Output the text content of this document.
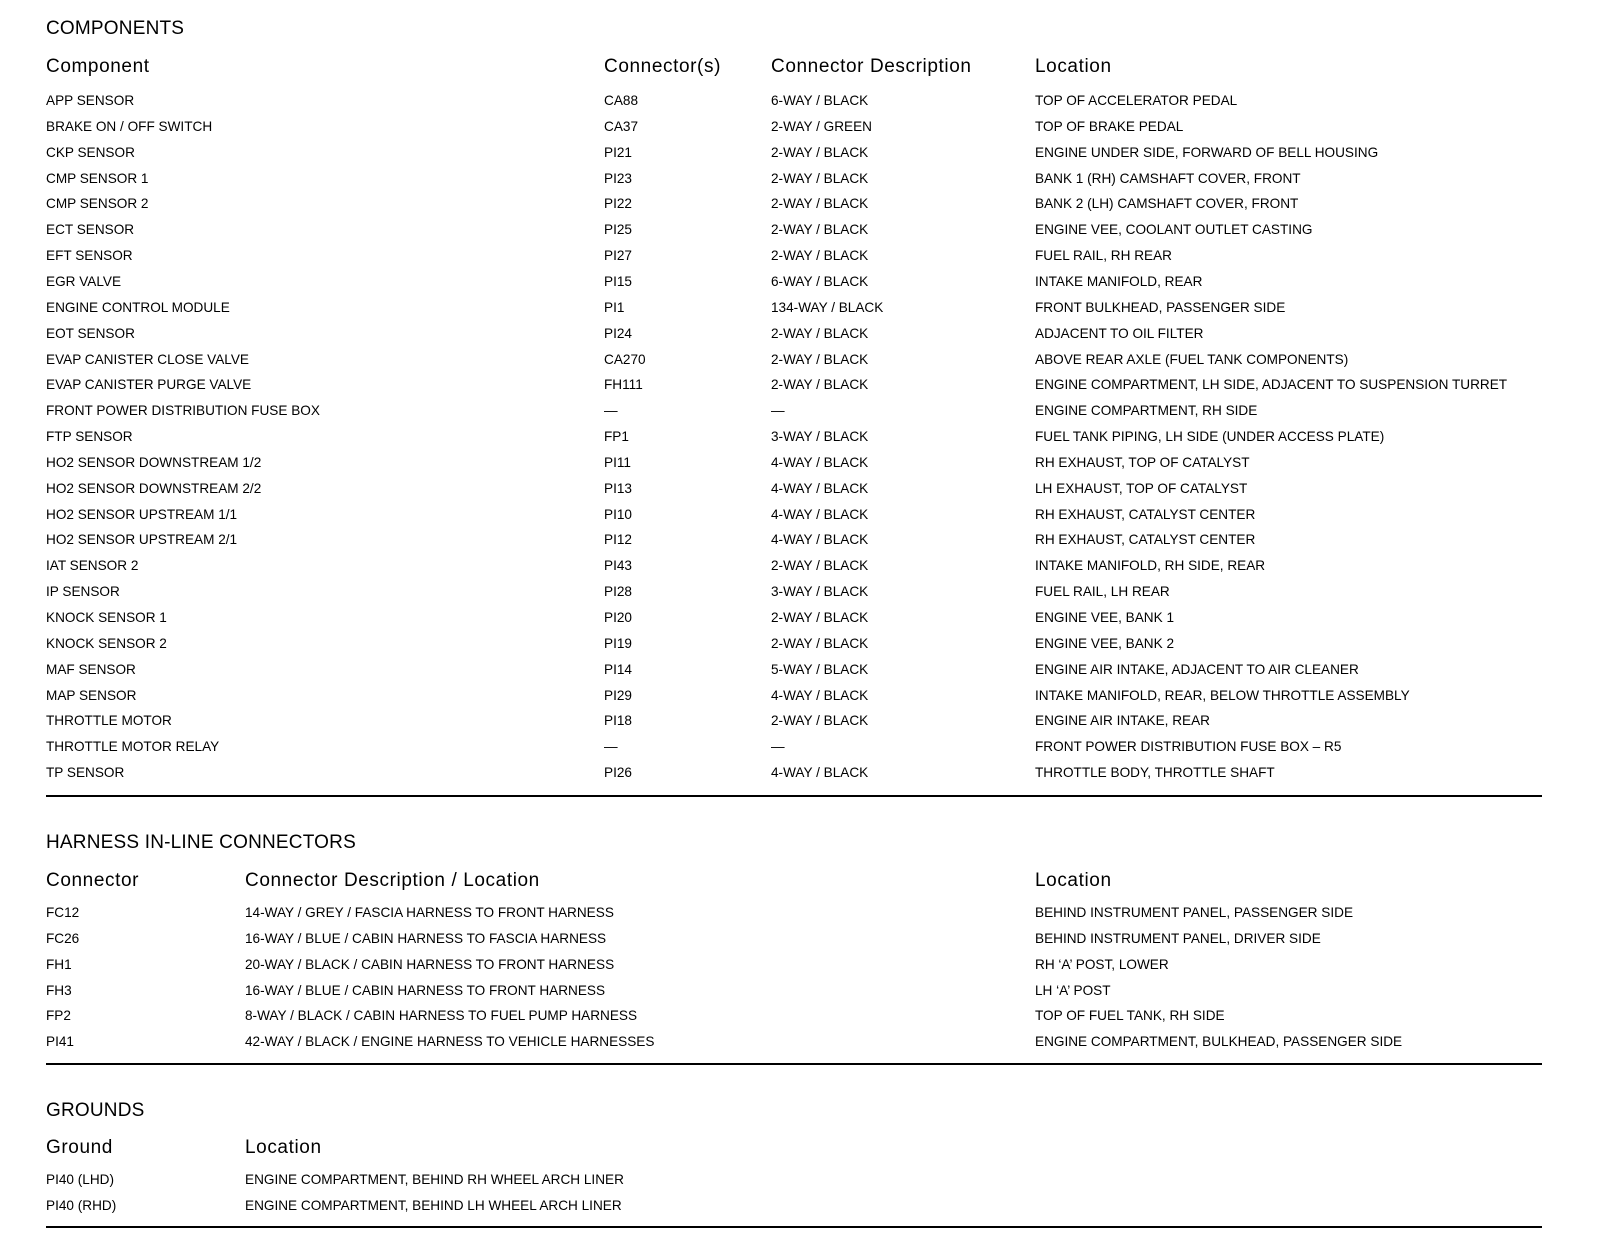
COMPONENTS
Component	Connector(s)	Connector Description	Location
APP SENSOR	CA88	6-WAY / BLACK	TOP OF ACCELERATOR PEDAL
BRAKE ON / OFF SWITCH	CA37	2-WAY / GREEN	TOP OF BRAKE PEDAL
CKP SENSOR	PI21	2-WAY / BLACK	ENGINE UNDER SIDE, FORWARD OF BELL HOUSING
CMP SENSOR 1	PI23	2-WAY / BLACK	BANK 1 (RH) CAMSHAFT COVER, FRONT
CMP SENSOR 2	PI22	2-WAY / BLACK	BANK 2 (LH) CAMSHAFT COVER, FRONT
ECT SENSOR	PI25	2-WAY / BLACK	ENGINE VEE, COOLANT OUTLET CASTING
EFT SENSOR	PI27	2-WAY / BLACK	FUEL RAIL, RH REAR
EGR VALVE	PI15	6-WAY / BLACK	INTAKE MANIFOLD, REAR
ENGINE CONTROL MODULE	PI1	134-WAY / BLACK	FRONT BULKHEAD, PASSENGER SIDE
EOT SENSOR	PI24	2-WAY / BLACK	ADJACENT TO OIL FILTER
EVAP CANISTER CLOSE VALVE	CA270	2-WAY / BLACK	ABOVE REAR AXLE (FUEL TANK COMPONENTS)
EVAP CANISTER PURGE VALVE	FH111	2-WAY / BLACK	ENGINE COMPARTMENT, LH SIDE, ADJACENT TO SUSPENSION TURRET
FRONT POWER DISTRIBUTION FUSE BOX	—	—	ENGINE COMPARTMENT, RH SIDE
FTP SENSOR	FP1	3-WAY / BLACK	FUEL TANK PIPING, LH SIDE (UNDER ACCESS PLATE)
HO2 SENSOR DOWNSTREAM 1/2	PI11	4-WAY / BLACK	RH EXHAUST, TOP OF CATALYST
HO2 SENSOR DOWNSTREAM 2/2	PI13	4-WAY / BLACK	LH EXHAUST, TOP OF CATALYST
HO2 SENSOR UPSTREAM 1/1	PI10	4-WAY / BLACK	RH EXHAUST, CATALYST CENTER
HO2 SENSOR UPSTREAM 2/1	PI12	4-WAY / BLACK	RH EXHAUST, CATALYST CENTER
IAT SENSOR 2	PI43	2-WAY / BLACK	INTAKE MANIFOLD, RH SIDE, REAR
IP SENSOR	PI28	3-WAY / BLACK	FUEL RAIL, LH REAR
KNOCK SENSOR 1	PI20	2-WAY / BLACK	ENGINE VEE, BANK 1
KNOCK SENSOR 2	PI19	2-WAY / BLACK	ENGINE VEE, BANK 2
MAF SENSOR	PI14	5-WAY / BLACK	ENGINE AIR INTAKE, ADJACENT TO AIR CLEANER
MAP SENSOR	PI29	4-WAY / BLACK	INTAKE MANIFOLD, REAR, BELOW THROTTLE ASSEMBLY
THROTTLE MOTOR	PI18	2-WAY / BLACK	ENGINE AIR INTAKE, REAR
THROTTLE MOTOR RELAY	—	—	FRONT POWER DISTRIBUTION FUSE BOX – R5
TP SENSOR	PI26	4-WAY / BLACK	THROTTLE BODY, THROTTLE SHAFT
HARNESS IN-LINE CONNECTORS
Connector	Connector Description / Location	Location
FC12	14-WAY / GREY / FASCIA HARNESS TO FRONT HARNESS	BEHIND INSTRUMENT PANEL, PASSENGER SIDE
FC26	16-WAY / BLUE / CABIN HARNESS TO FASCIA HARNESS	BEHIND INSTRUMENT PANEL, DRIVER SIDE
FH1	20-WAY / BLACK / CABIN HARNESS TO FRONT HARNESS	RH ‘A’ POST, LOWER
FH3	16-WAY / BLUE / CABIN HARNESS TO FRONT HARNESS	LH ‘A’ POST
FP2	8-WAY / BLACK / CABIN HARNESS TO FUEL PUMP HARNESS	TOP OF FUEL TANK, RH SIDE
PI41	42-WAY / BLACK / ENGINE HARNESS TO VEHICLE HARNESSES	ENGINE COMPARTMENT, BULKHEAD, PASSENGER SIDE
GROUNDS
Ground	Location
PI40 (LHD)	ENGINE COMPARTMENT, BEHIND RH WHEEL ARCH LINER
PI40 (RHD)	ENGINE COMPARTMENT, BEHIND LH WHEEL ARCH LINER
